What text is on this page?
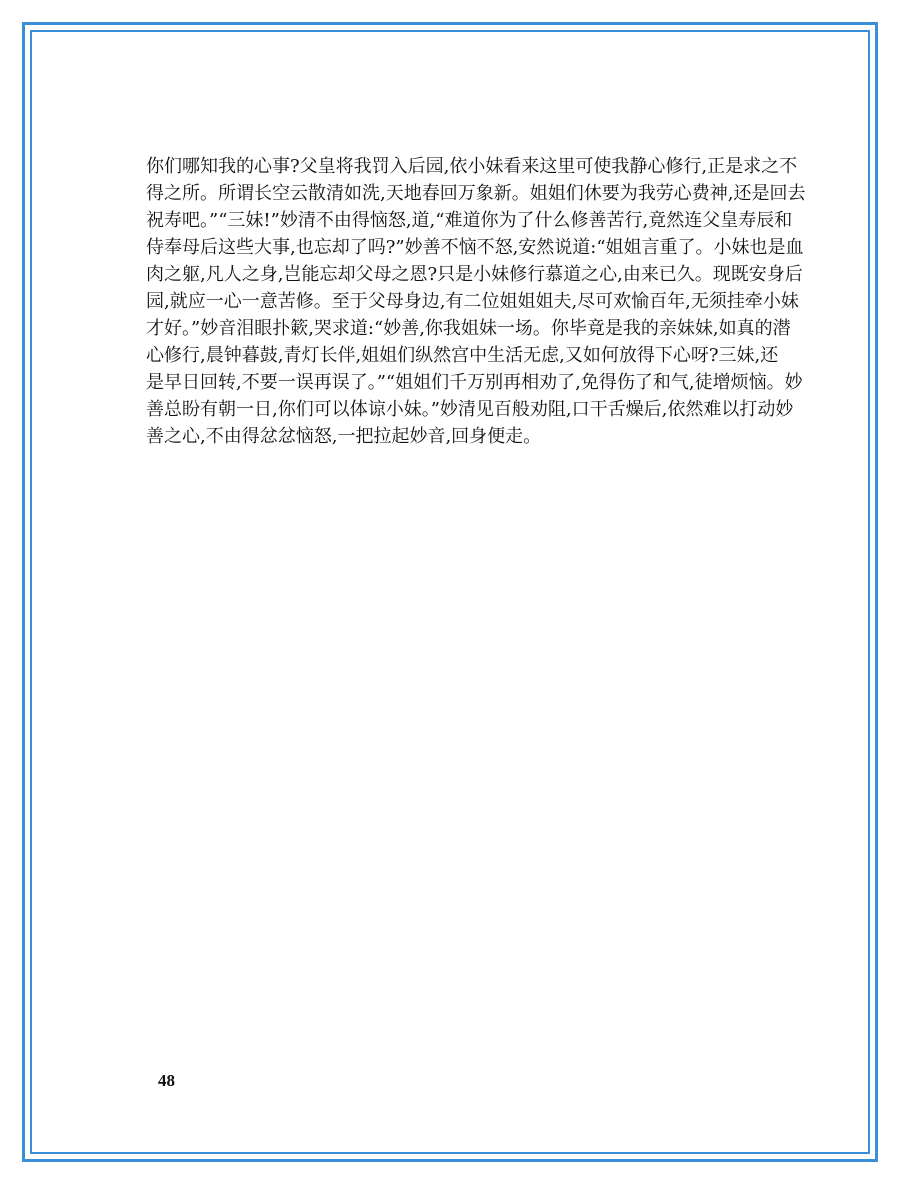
你们哪知我的心事?父皇将我罚入后园,依小妹看来这里可使我静心修行,正是求之不
得之所。所谓长空云散清如洗,天地春回万象新。姐姐们休要为我劳心费神,还是回去
祝寿吧。”“三妹!”妙清不由得恼怒,道,“难道你为了什么修善苦行,竟然连父皇寿辰和
侍奉母后这些大事,也忘却了吗?”妙善不恼不怒,安然说道:“姐姐言重了。小妹也是血
肉之躯,凡人之身,岂能忘却父母之恩?只是小妹修行慕道之心,由来已久。现既安身后
园,就应一心一意苦修。至于父母身边,有二位姐姐姐夫,尽可欢愉百年,无须挂牵小妹
才好。”妙音泪眼扑簌,哭求道:“妙善,你我姐妹一场。你毕竟是我的亲妹妹,如真的潜
心修行,晨钟暮鼓,青灯长伴,姐姐们纵然宫中生活无虑,又如何放得下心呀?三妹,还
是早日回转,不要一误再误了。”“姐姐们千万别再相劝了,免得伤了和气,徒增烦恼。妙
善总盼有朝一日,你们可以体谅小妹。”妙清见百般劝阻,口干舌燥后,依然难以打动妙
善之心,不由得忿忿恼怒,一把拉起妙音,回身便走。
48
